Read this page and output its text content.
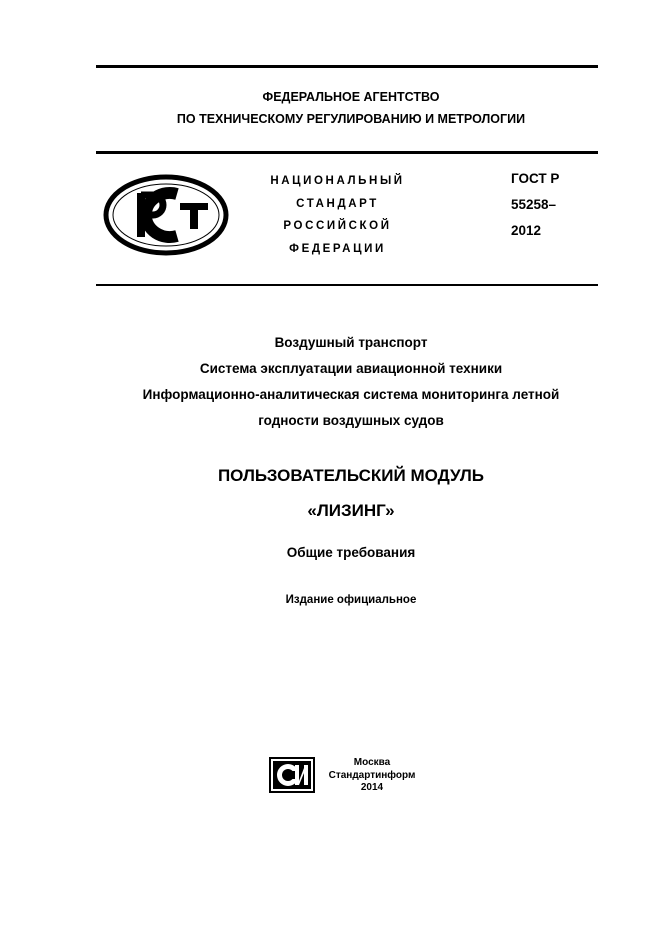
ФЕДЕРАЛЬНОЕ АГЕНТСТВО
ПО ТЕХНИЧЕСКОМУ РЕГУЛИРОВАНИЮ И МЕТРОЛОГИИ
НАЦИОНАЛЬНЫЙ
СТАНДАРТ
РОССИЙСКОЙ
ФЕДЕРАЦИИ
ГОСТ Р
55258–
2012
Воздушный транспорт
Система эксплуатации авиационной техники
Информационно-аналитическая система мониторинга летной
годности воздушных судов
ПОЛЬЗОВАТЕЛЬСКИЙ МОДУЛЬ
«ЛИЗИНГ»
Общие требования
Издание официальное
Москва
Стандартинформ
2014
